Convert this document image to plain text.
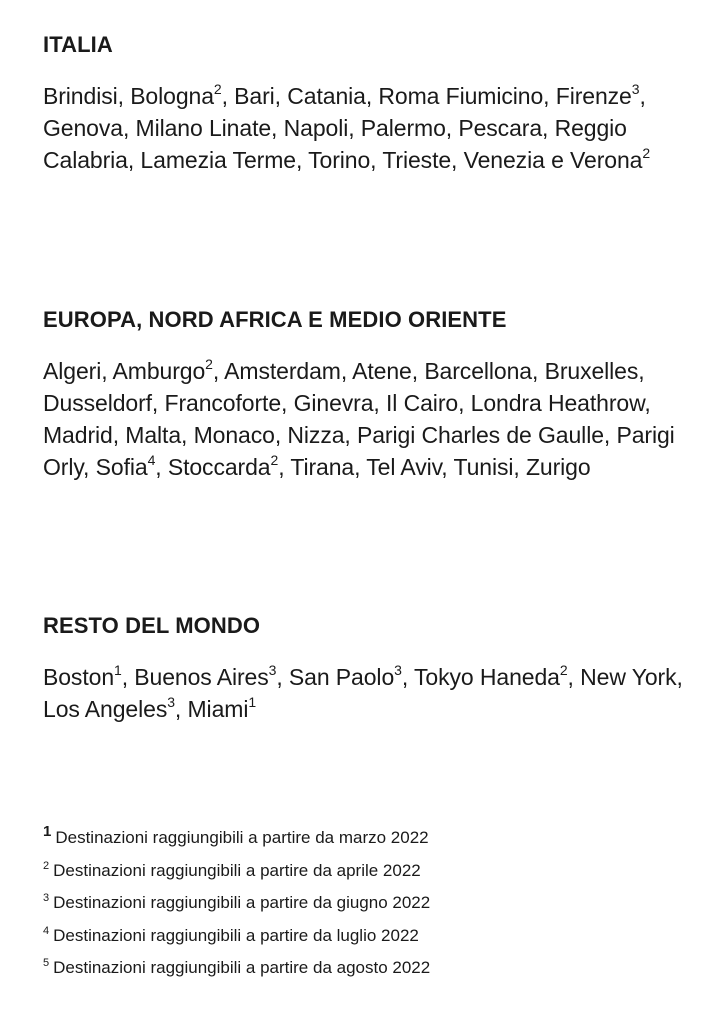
ITALIA

Brindisi, Bologna$^2$, Bari, Catania, Roma Fiumicino, Firenze$^3$, Genova, Milano Linate, Napoli, Palermo, Pescara, Reggio Calabria, Lamezia Terme, Torino, Trieste, Venezia e Verona$^2$

EUROPA, NORD AFRICA E MEDIO ORIENTE

Algeri, Amburgo$^2$, Amsterdam, Atene, Barcellona, Bruxelles, Dusseldorf, Francoforte, Ginevra, Il Cairo, Londra Heathrow, Madrid, Malta, Monaco, Nizza, Parigi Charles de Gaulle, Parigi Orly, Sofia$^4$, Stoccarda$^2$, Tirana, Tel Aviv, Tunisi, Zurigo

RESTO DEL MONDO

Boston$^1$, Buenos Aires$^3$, San Paolo$^3$, Tokyo Haneda$^2$, New York, Los Angeles$^3$, Miami$^1$

1 Destinazioni raggiungibili a partire da marzo 2022

$^2$ Destinazioni raggiungibili a partire da aprile 2022

$^3$ Destinazioni raggiungibili a partire da giugno 2022

$^4$ Destinazioni raggiungibili a partire da luglio 2022

$^5$ Destinazioni raggiungibili a partire da agosto 2022
